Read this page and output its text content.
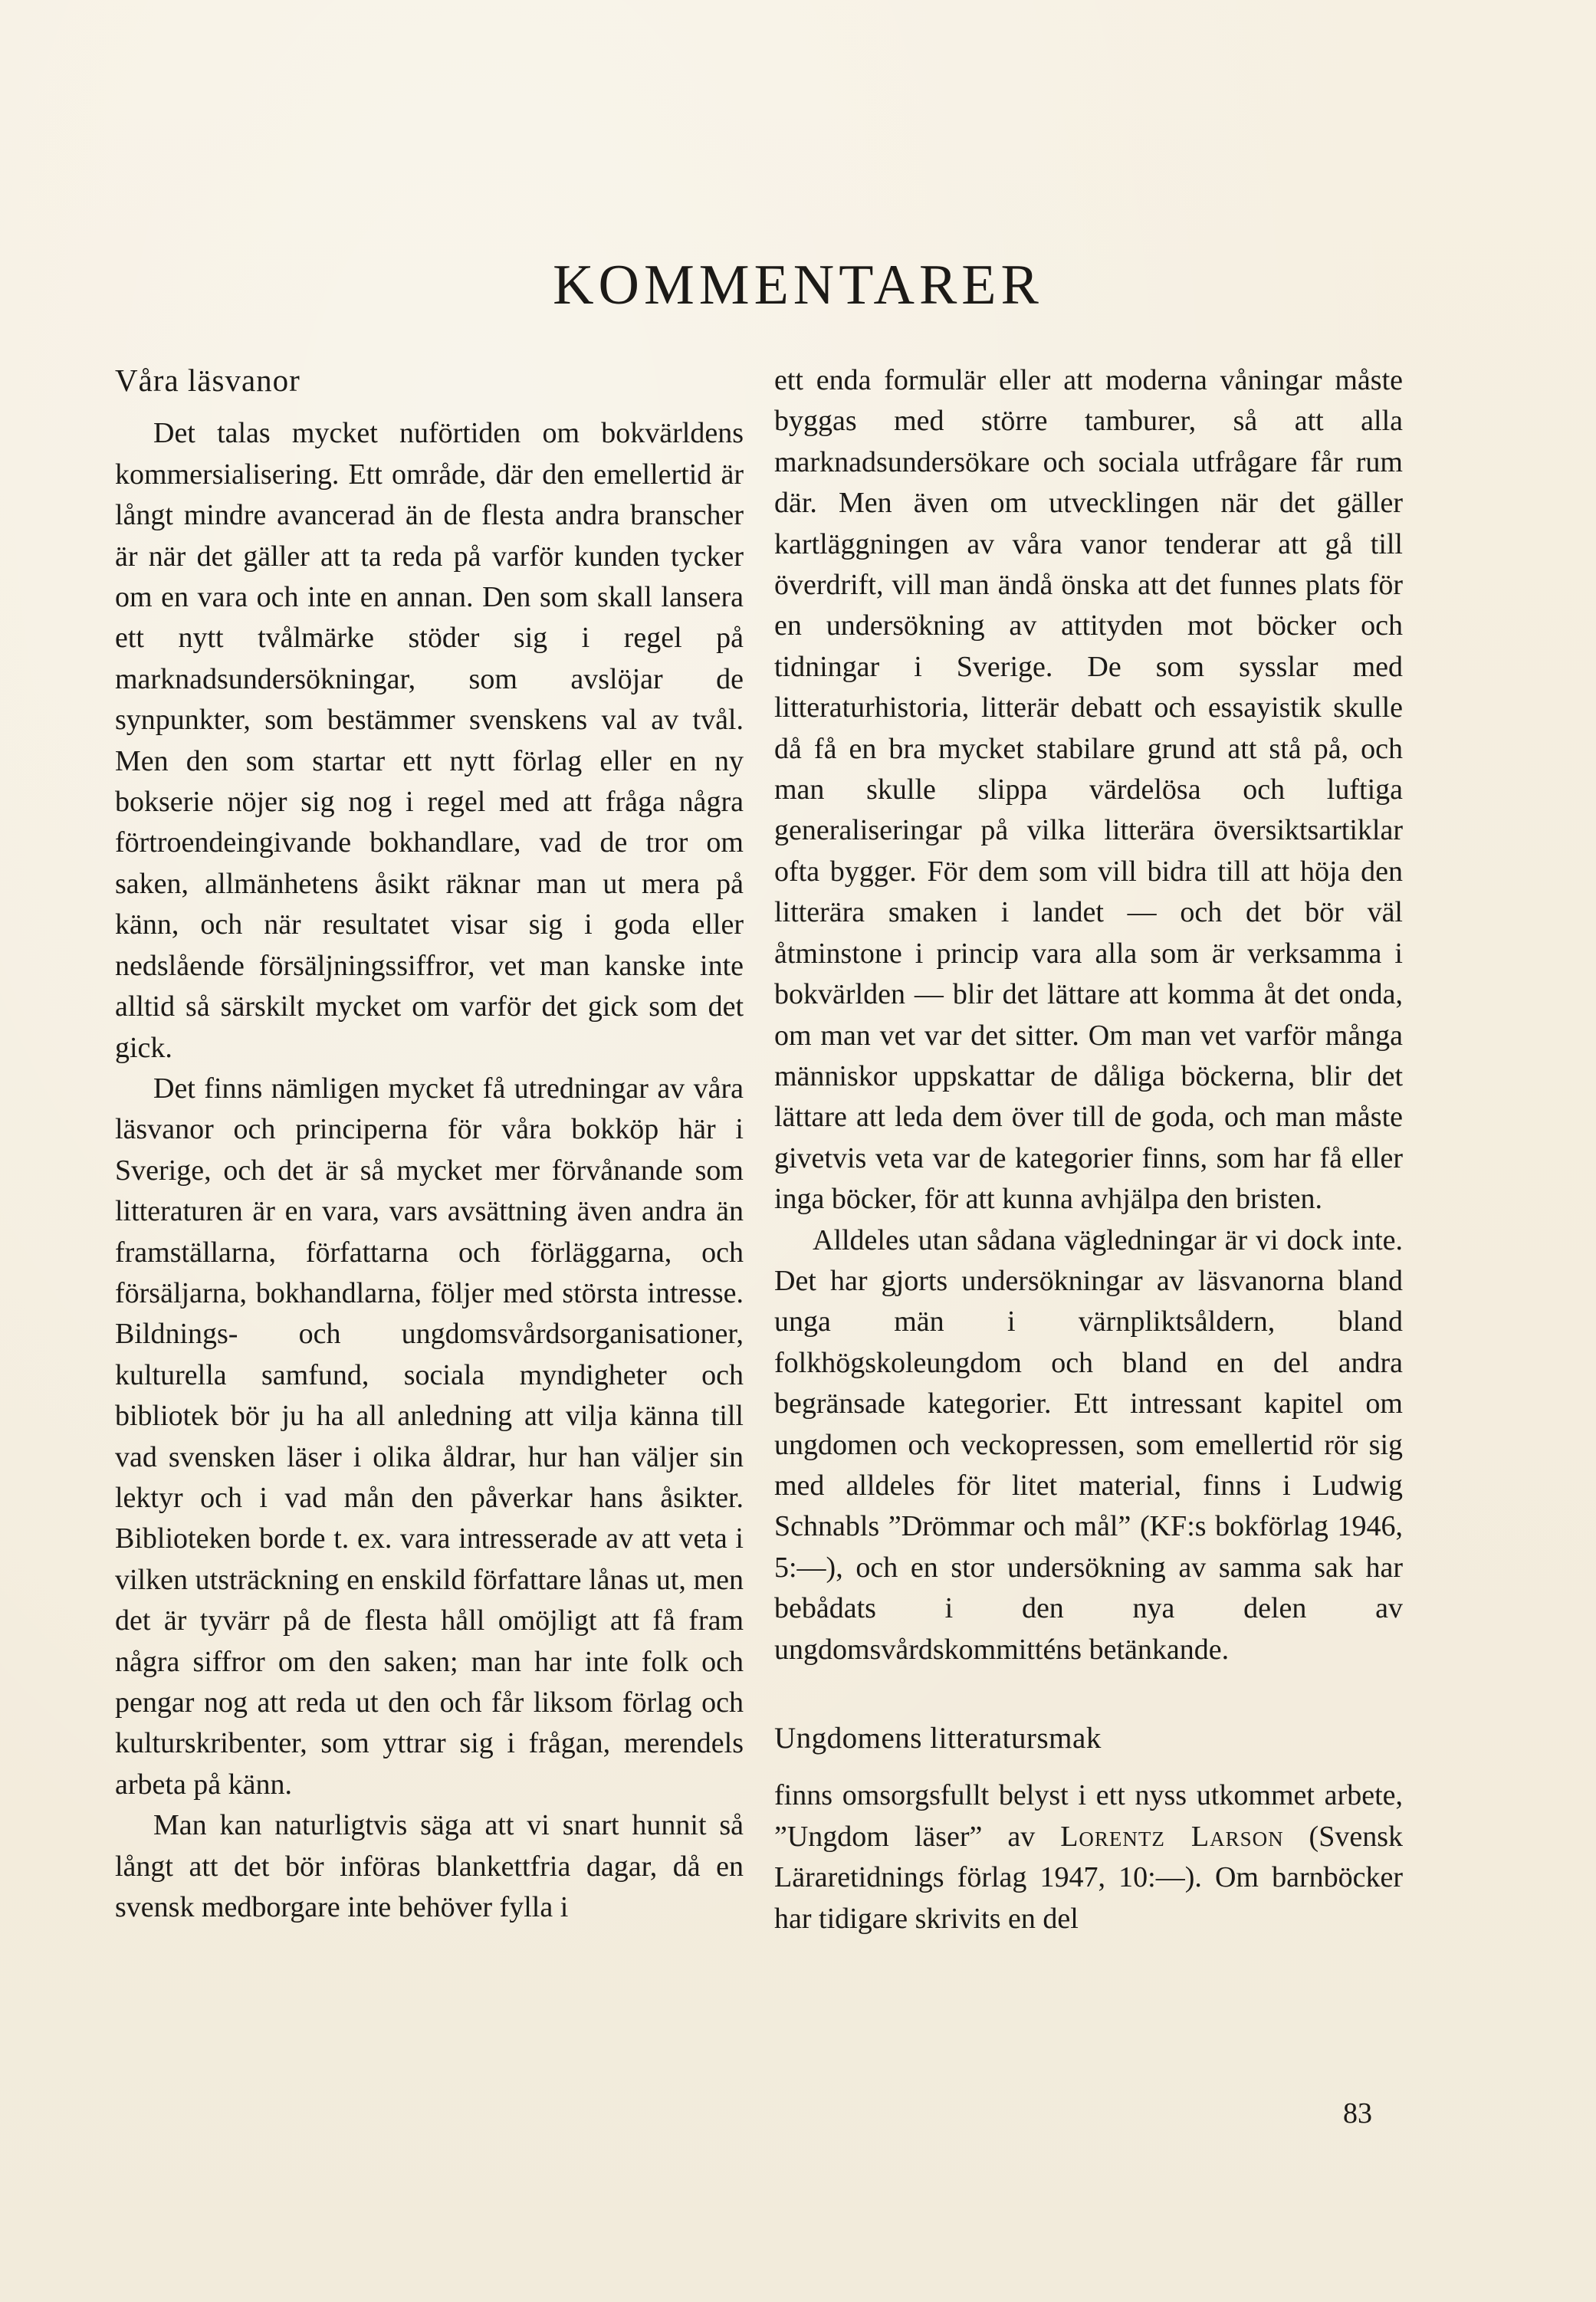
KOMMENTARER
Våra läsvanor

Det talas mycket nuförtiden om bokvärldens kommersialisering. Ett område, där den emellertid är långt mindre avancerad än de flesta andra branscher är när det gäller att ta reda på varför kunden tycker om en vara och inte en annan. Den som skall lansera ett nytt tvålmärke stöder sig i regel på marknadsundersökningar, som avslöjar de synpunkter, som bestämmer svenskens val av tvål. Men den som startar ett nytt förlag eller en ny bokserie nöjer sig nog i regel med att fråga några förtroendeingivande bokhandlare, vad de tror om saken, allmänhetens åsikt räknar man ut mera på känn, och när resultatet visar sig i goda eller nedslående försäljningssiffror, vet man kanske inte alltid så särskilt mycket om varför det gick som det gick.

Det finns nämligen mycket få utredningar av våra läsvanor och principerna för våra bokköp här i Sverige, och det är så mycket mer förvånande som litteraturen är en vara, vars avsättning även andra än framställarna, författarna och förläggarna, och försäljarna, bokhandlarna, följer med största intresse. Bildnings- och ungdomsvårdsorganisationer, kulturella samfund, sociala myndigheter och bibliotek bör ju ha all anledning att vilja känna till vad svensken läser i olika åldrar, hur han väljer sin lektyr och i vad mån den påverkar hans åsikter. Biblioteken borde t. ex. vara intresserade av att veta i vilken utsträckning en enskild författare lånas ut, men det är tyvärr på de flesta håll omöjligt att få fram några siffror om den saken; man har inte folk och pengar nog att reda ut den och får liksom förlag och kulturskribenter, som yttrar sig i frågan, merendels arbeta på känn.

Man kan naturligtvis säga att vi snart hunnit så långt att det bör införas blankettfria dagar, då en svensk medborgare inte behöver fylla i

ett enda formulär eller att moderna våningar måste byggas med större tamburer, så att alla marknadsundersökare och sociala utfrågare får rum där. Men även om utvecklingen när det gäller kartläggningen av våra vanor tenderar att gå till överdrift, vill man ändå önska att det funnes plats för en undersökning av attityden mot böcker och tidningar i Sverige. De som sysslar med litteraturhistoria, litterär debatt och essayistik skulle då få en bra mycket stabilare grund att stå på, och man skulle slippa värdelösa och luftiga generaliseringar på vilka litterära översiktsartiklar ofta bygger. För dem som vill bidra till att höja den litterära smaken i landet — och det bör väl åtminstone i princip vara alla som är verksamma i bokvärlden — blir det lättare att komma åt det onda, om man vet var det sitter. Om man vet varför många människor uppskattar de dåliga böckerna, blir det lättare att leda dem över till de goda, och man måste givetvis veta var de kategorier finns, som har få eller inga böcker, för att kunna avhjälpa den bristen.

Alldeles utan sådana vägledningar är vi dock inte. Det har gjorts undersökningar av läsvanorna bland unga män i värnpliktsåldern, bland folkhögskoleungdom och bland en del andra begränsade kategorier. Ett intressant kapitel om ungdomen och veckopressen, som emellertid rör sig med alldeles för litet material, finns i Ludwig Schnabls ”Drömmar och mål” (KF:s bokförlag 1946, 5:—), och en stor undersökning av samma sak har bebådats i den nya delen av ungdomsvårdskommitténs betänkande.

Ungdomens litteratursmak

finns omsorgsfullt belyst i ett nyss utkommet arbete, ”Ungdom läser” av Lorentz Larson (Svensk Läraretidnings förlag 1947, 10:—). Om barnböcker har tidigare skrivits en del

83
